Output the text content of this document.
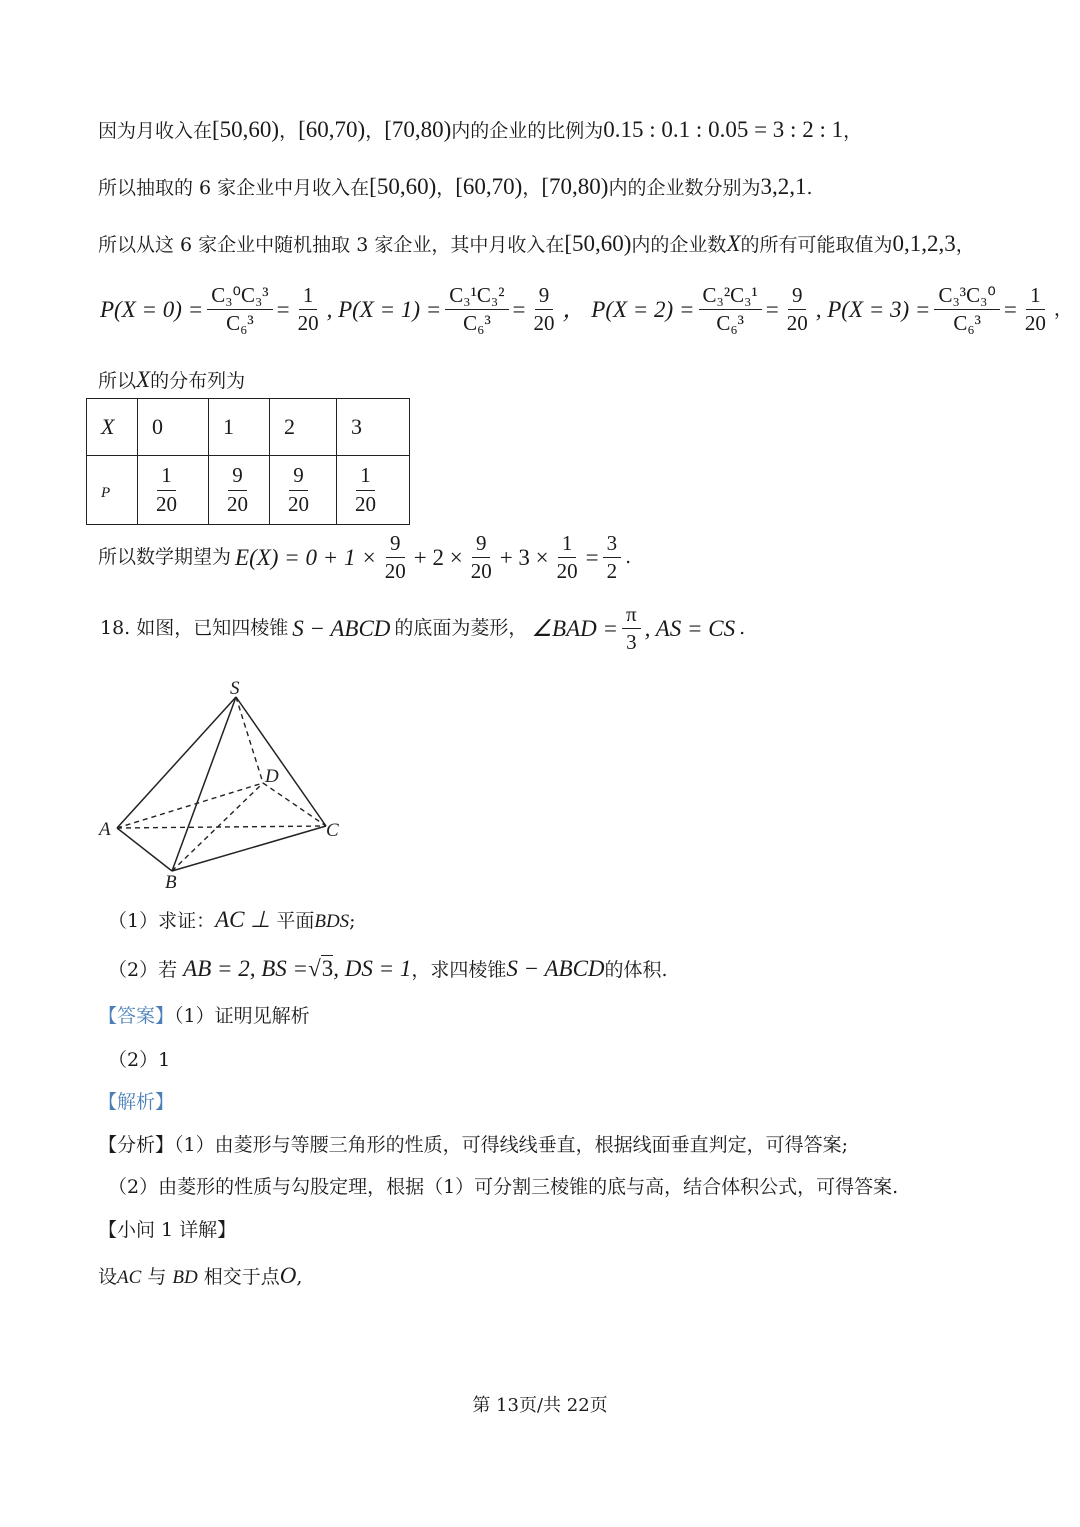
因为月收入在[50,60)，[60,70)，[70,80)内的企业的比例为0.15 : 0.1 : 0.05 = 3 : 2 : 1，
所以抽取的 6 家企业中月收入在[50,60)，[60,70)，[70,80)内的企业数分别为3,2,1.
所以从这 6 家企业中随机抽取 3 家企业，其中月收入在[50,60)内的企业数X的所有可能取值为0,1,2,3，
$P(X = 0) = \frac{\text{C₃⁰C₃³}}{\text{C₆³}} = \frac{1}{20}$ , $P(X = 1) = \frac{\text{C₃¹C₃²}}{\text{C₆³}} = \frac{9}{20}$ ， $P(X = 2) = \frac{\text{C₃²C₃¹}}{\text{C₆³}} = \frac{9}{20}$ , $P(X = 3) = \frac{\text{C₃³C₃⁰}}{\text{C₆³}} = \frac{1}{20}$ ，
所以X的分布列为
X	0	1	2	3
P	$\frac{1}{20}$	$\frac{9}{20}$	$\frac{9}{20}$	$\frac{1}{20}$
所以数学期望为 $E(X) = 0 + 1 \times \frac{9}{20} + 2 \times \frac{9}{20} + 3 \times \frac{1}{20} = \frac{3}{2}$ .
18. 如图，已知四棱锥 S − ABCD 的底面为菱形， ∠BAD = $\frac{\pi}{3}$ , AS = CS .
S
D
A	C
B
（1）求证：AC ⊥ 平面BDS;
（2）若 AB = 2, BS =√3, DS = 1，求四棱锥S − ABCD的体积.
【答案】（1）证明见解析
（2）1
【解析】
【分析】（1）由菱形与等腰三角形的性质，可得线线垂直，根据线面垂直判定，可得答案;
（2）由菱形的性质与勾股定理，根据（1）可分割三棱锥的底与高，结合体积公式，可得答案.
【小问 1 详解】
设AC 与 BD 相交于点O,
第 13页/共 22页
